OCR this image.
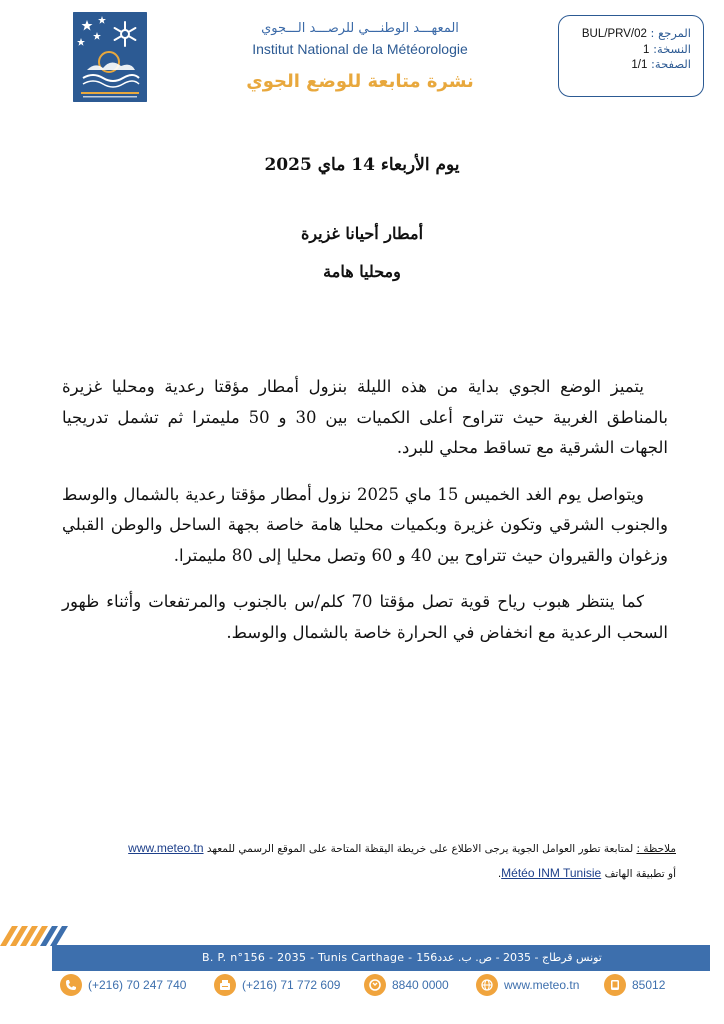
المعهـــد الوطنـــي للرصـــد الـــجوي
Institut National de la Météorologie
نشرة متابعة للوضع الجوي
المرجع : BUL/PRV/02
النسخة: 1
الصفحة: 1/1
يوم الأربعاء 14 ماي 2025
أمطار أحيانا غزيرة
ومحليا هامة

يتميز الوضع الجوي بداية من هذه الليلة بنزول أمطار مؤقتا رعدية ومحليا غزيرة بالمناطق الغربية حيث تتراوح أعلى الكميات بين 30 و 50 مليمترا ثم تشمل تدريجيا الجهات الشرقية مع تساقط محلي للبرد.

ويتواصل يوم الغد الخميس 15 ماي 2025 نزول أمطار مؤقتا رعدية بالشمال والوسط والجنوب الشرقي وتكون غزيرة وبكميات محليا هامة خاصة بجهة الساحل والوطن القبلي وزغوان والقيروان حيث تتراوح بين 40 و 60 وتصل محليا إلى 80 مليمترا.

كما ينتظر هبوب رياح قوية تصل مؤقتا 70 كلم/س بالجنوب والمرتفعات وأثناء ظهور السحب الرعدية مع انخفاض في الحرارة خاصة بالشمال والوسط.

ملاحظة : لمتابعة تطور العوامل الجوية يرجى الاطلاع على خريطة اليقظة المتاحة على الموقع الرسمي للمعهد www.meteo.tn
أو تطبيقة الهاتف Météo INM Tunisie.
B. P. n°156 - 2035 - Tunis Carthage - تونس قرطاج - 2035 - ص. ب. عدد156
(+216) 70 247 740	(+216) 71 772 609	8840 0000	www.meteo.tn	85012
